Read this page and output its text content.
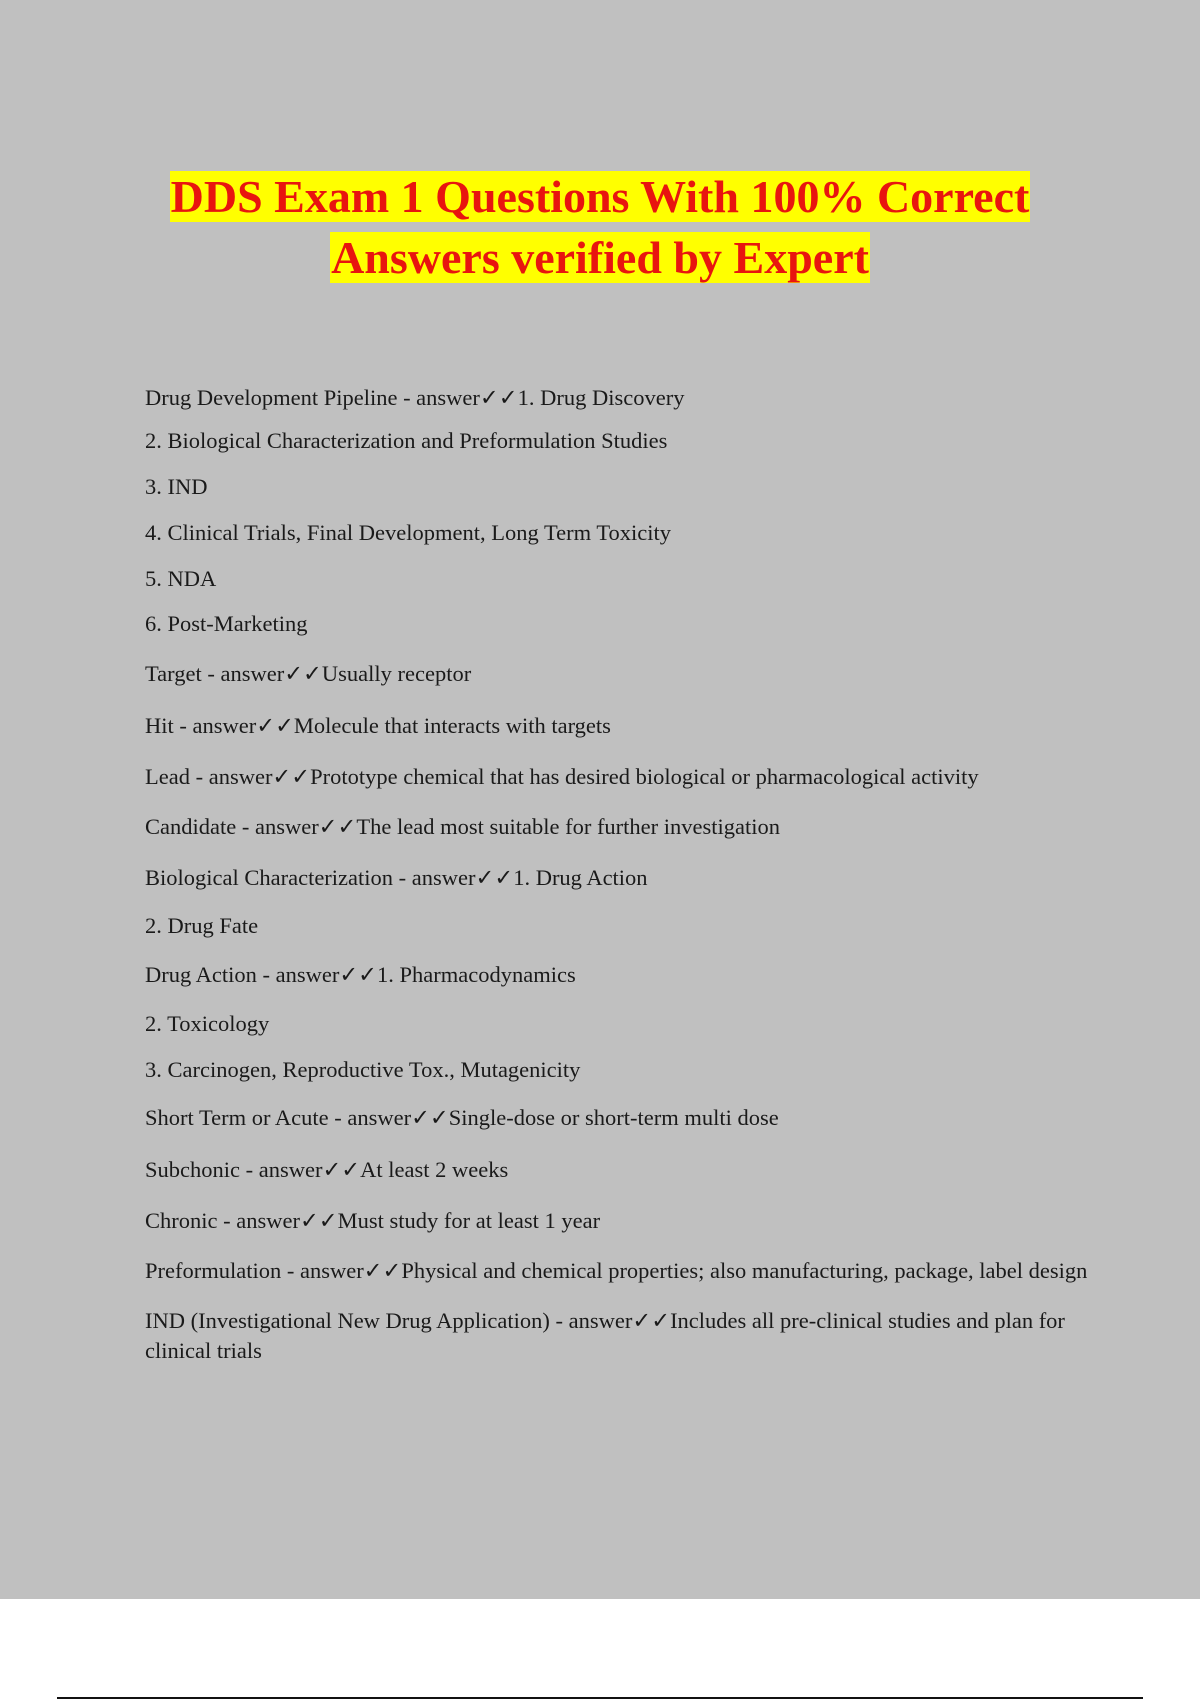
DDS Exam 1 Questions With 100% Correct
Answers verified by Expert

Drug Development Pipeline - answer✓✓1. Drug Discovery

2. Biological Characterization and Preformulation Studies

3. IND

4. Clinical Trials, Final Development, Long Term Toxicity

5. NDA

6. Post-Marketing

Target - answer✓✓Usually receptor

Hit - answer✓✓Molecule that interacts with targets

Lead - answer✓✓Prototype chemical that has desired biological or pharmacological activity

Candidate - answer✓✓The lead most suitable for further investigation

Biological Characterization - answer✓✓1. Drug Action

2. Drug Fate

Drug Action - answer✓✓1. Pharmacodynamics

2. Toxicology

3. Carcinogen, Reproductive Tox., Mutagenicity

Short Term or Acute - answer✓✓Single-dose or short-term multi dose

Subchonic - answer✓✓At least 2 weeks

Chronic - answer✓✓Must study for at least 1 year

Preformulation - answer✓✓Physical and chemical properties; also manufacturing, package, label design

IND (Investigational New Drug Application) - answer✓✓Includes all pre-clinical studies and plan for clinical trials
